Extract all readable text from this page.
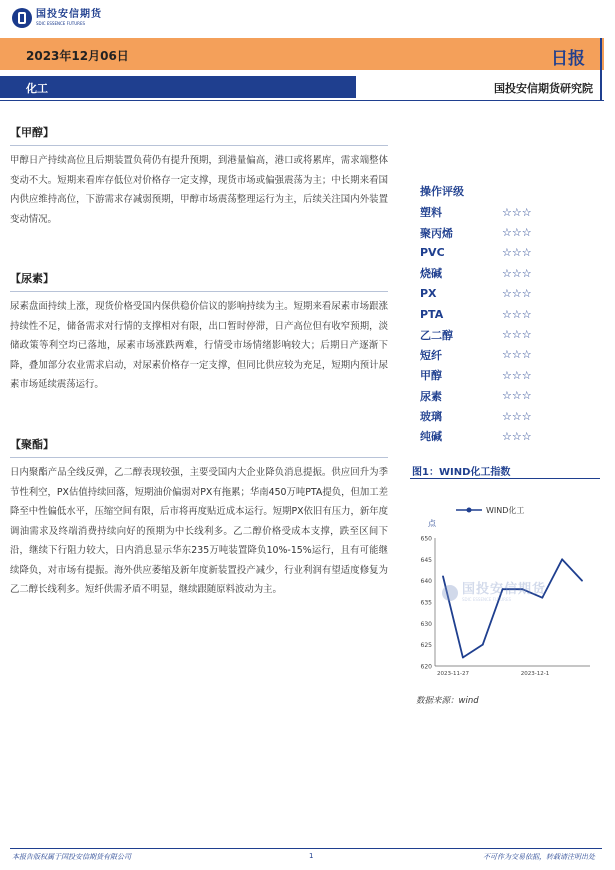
国投安信期货
SDIC ESSENCE FUTURES
2023年12月06日	日报
化工	国投安信期货研究院
【甲醇】
甲醇日产持续高位且后期装置负荷仍有提升预期，到港量偏高，港口或将累库，需求端整体变动不大。短期来看库存低位对价格存一定支撑，现货市场或偏强震荡为主；中长期来看国内供应维持高位，下游需求存减弱预期，甲醇市场震荡整理运行为主，后续关注国内外装置变动情况。
【尿素】
尿素盘面持续上涨，现货价格受国内保供稳价信议的影响持续为主。短期来看尿素市场跟涨持续性不足，储备需求对行情的支撑相对有限，出口暂时停滞，日产高位但有收窄预期，淡储政策等利空均已落地，尿素市场涨跌两难，行情受市场情绪影响较大；后期日产逐渐下降，叠加部分农业需求启动，对尿素价格存一定支撑，但同比供应较为充足，短期内预计尿素市场延续震荡运行。
【聚酯】
日内聚酯产品全线反弹，乙二醇表现较强，主要受国内大企业降负消息提振。供应回升为季节性利空，PX估值持续回落，短期油价偏弱对PX有拖累；华南450万吨PTA提负，但加工差降至中性偏低水平，压缩空间有限，后市将再度贴近成本运行。短期PX依旧有压力，新年度调油需求及终端消费持续向好的预期为中长线利多。乙二醇价格受成本支撑，跌至区间下沿，继续下行阻力较大，日内消息显示华东235万吨装置降负10%-15%运行，且有可能继续降负，对市场有提振。海外供应萎缩及新年度新装置投产减少，行业利润有望适度修复为乙二醇长线利多。短纤供需矛盾不明显，继续跟随原料波动为主。
操作评级
塑料	☆☆☆
聚丙烯	☆☆☆
PVC	☆☆☆
烧碱	☆☆☆
PX	☆☆☆
PTA	☆☆☆
乙二醇	☆☆☆
短纤	☆☆☆
甲醇	☆☆☆
尿素	☆☆☆
玻璃	☆☆☆
纯碱	☆☆☆
图1：WIND化工指数
WIND化工
点
620
625
630
635
640
645
650
2023-11-27	2023-12-1
数据来源：wind
国投安信期货
SDIC ESSENCE FUTURES
本报告版权属于国投安信期货有限公司	1	不可作为交易依据，转载请注明出处
